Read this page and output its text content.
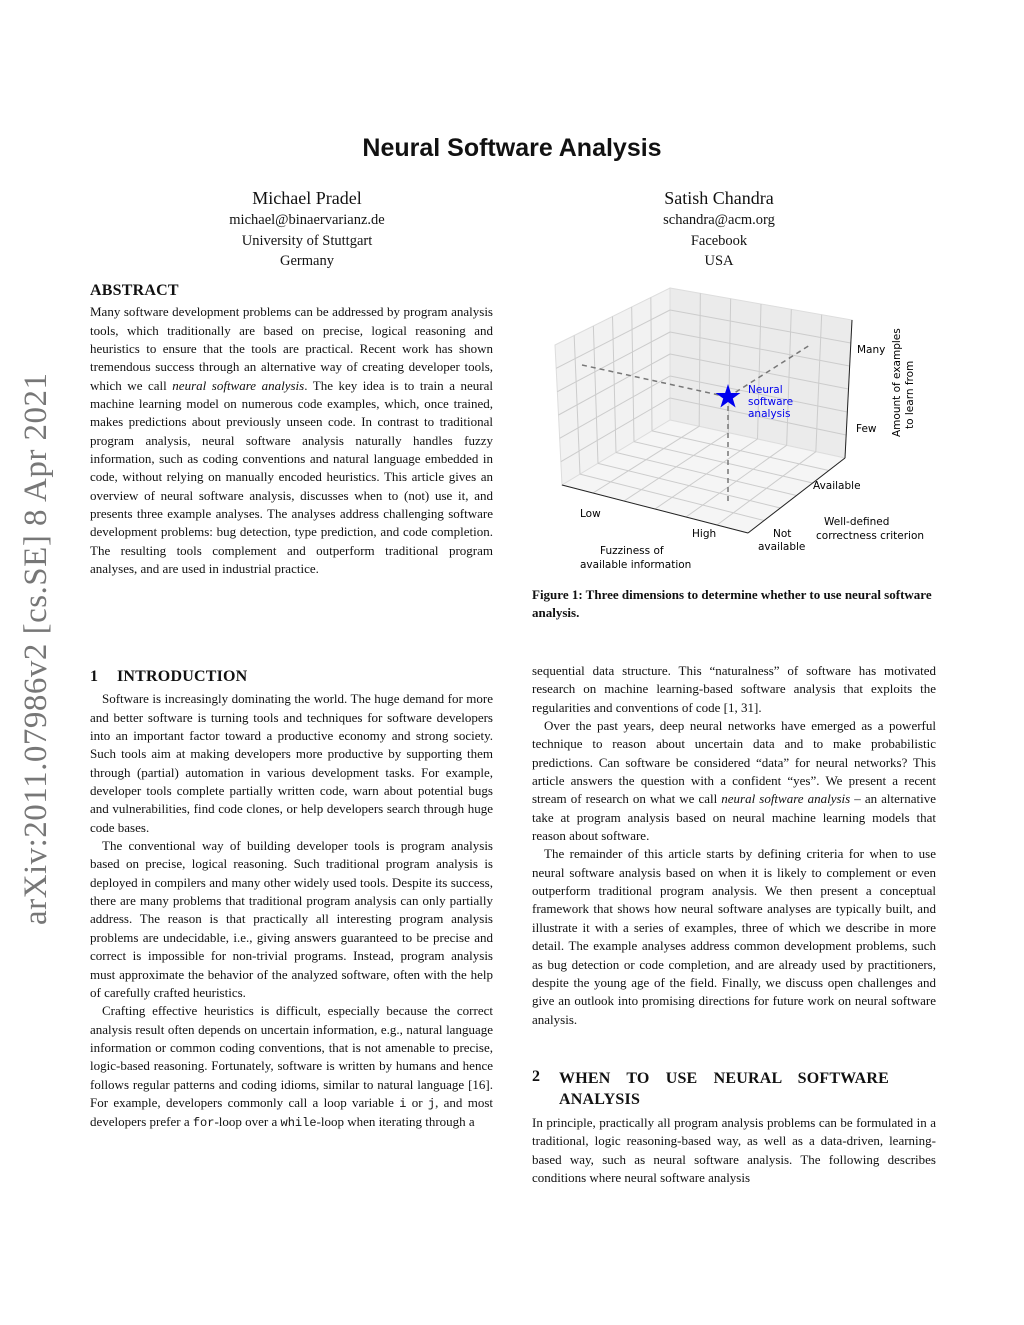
arXiv:2011.07986v2 [cs.SE] 8 Apr 2021
Neural Software Analysis
Michael Pradel
michael@binaervarianz.de
University of Stuttgart
Germany
Satish Chandra
schandra@acm.org
Facebook
USA
ABSTRACT

Many software development problems can be addressed by program analysis tools, which traditionally are based on precise, logical reasoning and heuristics to ensure that the tools are practical. Recent work has shown tremendous success through an alternative way of creating developer tools, which we call neural software analysis. The key idea is to train a neural machine learning model on numerous code examples, which, once trained, makes predictions about previously unseen code. In contrast to traditional program analysis, neural software analysis naturally handles fuzzy information, such as coding conventions and natural language embedded in code, without relying on manually encoded heuristics. This article gives an overview of neural software analysis, discusses when to (not) use it, and presents three example analyses. The analyses address challenging software development problems: bug detection, type prediction, and code completion. The resulting tools complement and outperform traditional program analyses, and are used in industrial practice.

1 INTRODUCTION

Software is increasingly dominating the world. The huge demand for more and better software is turning tools and techniques for software developers into an important factor toward a productive economy and strong society. Such tools aim at making developers more productive by supporting them through (partial) automation in various development tasks. For example, developer tools complete partially written code, warn about potential bugs and vulnerabilities, find code clones, or help developers search through huge code bases.

The conventional way of building developer tools is program analysis based on precise, logical reasoning. Such traditional program analysis is deployed in compilers and many other widely used tools. Despite its success, there are many problems that traditional program analysis can only partially address. The reason is that practically all interesting program analysis problems are undecidable, i.e., giving answers guaranteed to be precise and correct is impossible for non-trivial programs. Instead, program analysis must approximate the behavior of the analyzed software, often with the help of carefully crafted heuristics.

Crafting effective heuristics is difficult, especially because the correct analysis result often depends on uncertain information, e.g., natural language information or common coding conventions, that is not amenable to precise, logic-based reasoning. Fortunately, software is written by humans and hence follows regular patterns and coding idioms, similar to natural language [16]. For example, developers commonly call a loop variable i or j, and most developers prefer a for-loop over a while-loop when iterating through a

Neural
software
analysis
Low
High
Fuzziness of
available information
Not
available
Available
Well-defined
correctness criterion
Many
Few Amount of examples to learn from
Figure 1: Three dimensions to determine whether to use neural software analysis.

sequential data structure. This “naturalness” of software has motivated research on machine learning-based software analysis that exploits the regularities and conventions of code [1, 31].

Over the past years, deep neural networks have emerged as a powerful technique to reason about uncertain data and to make probabilistic predictions. Can software be considered “data” for neural networks? This article answers the question with a confident “yes”. We present a recent stream of research on what we call neural software analysis – an alternative take at program analysis based on neural machine learning models that reason about software.

The remainder of this article starts by defining criteria for when to use neural software analysis based on when it is likely to complement or even outperform traditional program analysis. We then present a conceptual framework that shows how neural software analyses are typically built, and illustrate it with a series of examples, three of which we describe in more detail. The example analyses address common development problems, such as bug detection or code completion, and are already used by practitioners, despite the young age of the field. Finally, we discuss open challenges and give an outlook into promising directions for future work on neural software analysis.

2	WHEN TO USE NEURAL SOFTWARE ANALYSIS

In principle, practically all program analysis problems can be formulated in a traditional, logic reasoning-based way, as well as a data-driven, learning-based way, such as neural software analysis. The following describes conditions where neural software analysis
